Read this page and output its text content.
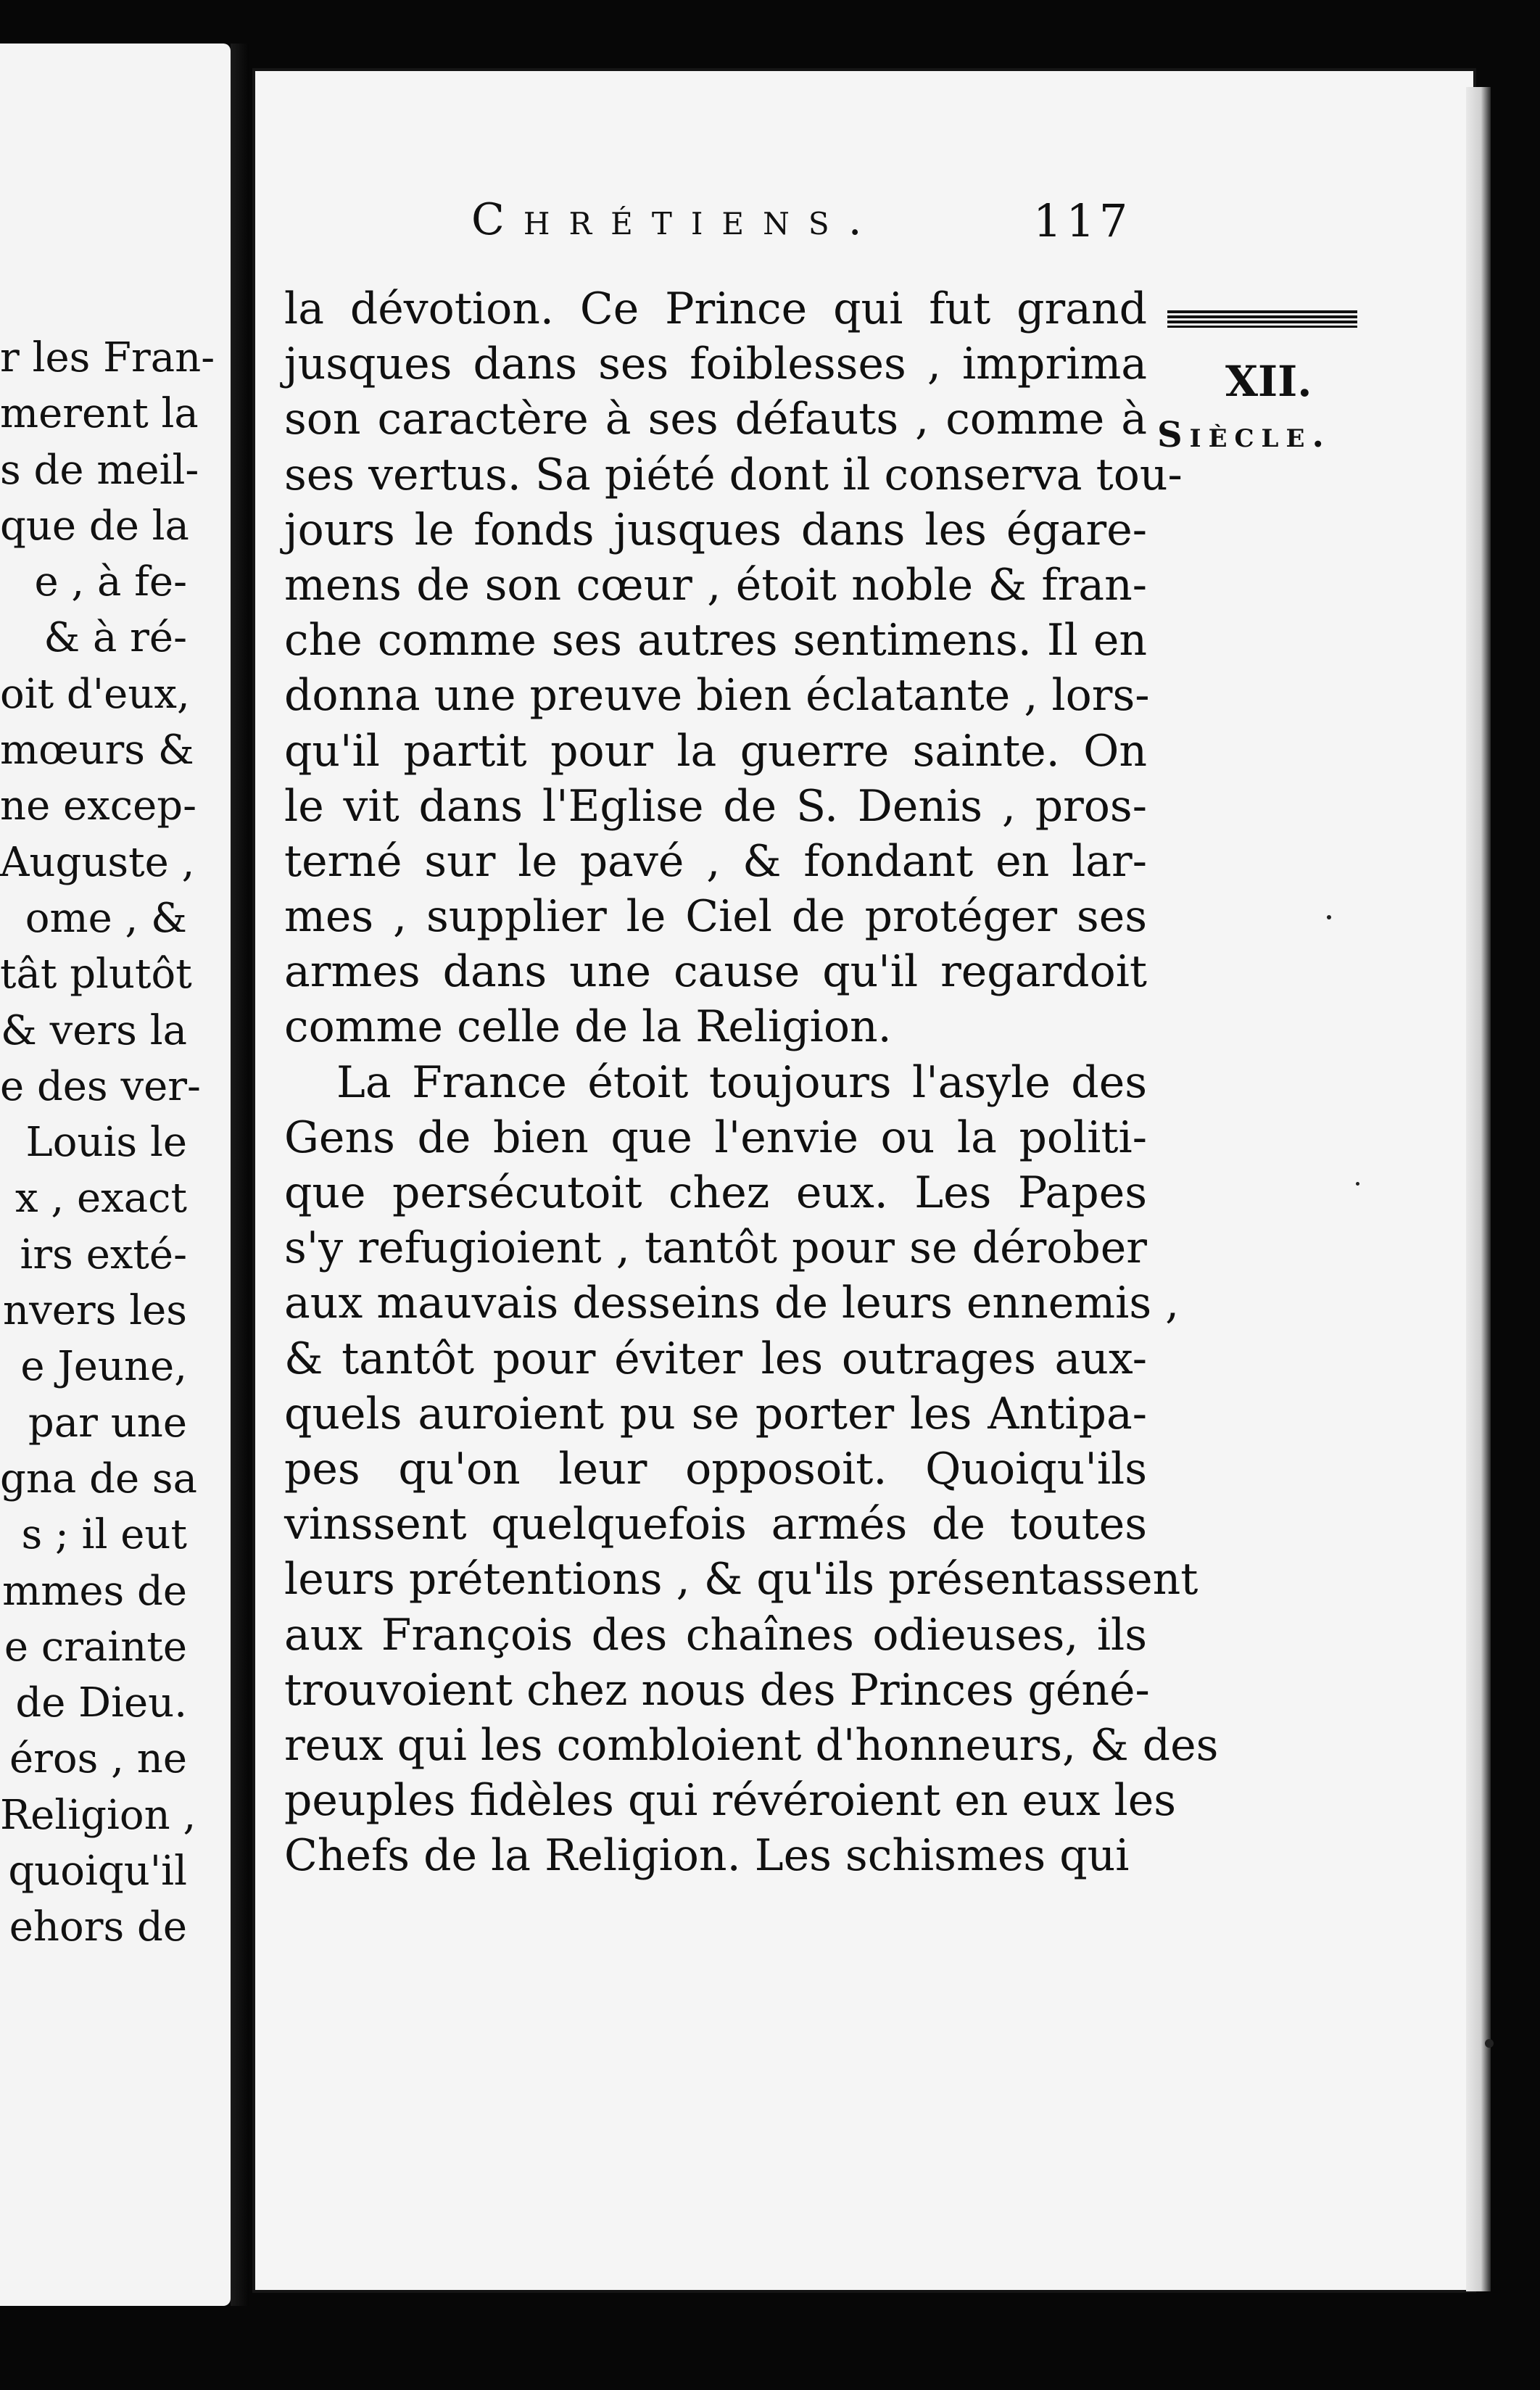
r les Fran-
merent la
s de meil-
que de la
e , à fe-
& à ré-
oit d'eux,
mœurs &
ne excep-
Auguste ,
ome , &
tât plutôt
& vers la
e des ver-
Louis le
x , exact
irs exté-
nvers les
e Jeune,
par une
gna de sa
s ; il eut
mmes de
e crainte
de Dieu.
éros , ne
Religion ,
quoiqu'il
ehors de
Chrétiens.	117
la dévotion. Ce Prince qui fut grand
jusques dans ses foiblesses , imprima
son caractère à ses défauts , comme à
ses vertus. Sa piété dont il conserva tou-
jours le fonds jusques dans les égare-
mens de son cœur , étoit noble & fran-
che comme ses autres sentimens. Il en
donna une preuve bien éclatante , lors-
qu'il partit pour la guerre sainte. On
le vit dans l'Eglise de S. Denis , pros-
terné sur le pavé , & fondant en lar-
mes , supplier le Ciel de protéger ses
armes dans une cause qu'il regardoit
comme celle de la Religion.
La France étoit toujours l'asyle des
Gens de bien que l'envie ou la politi-
que persécutoit chez eux. Les Papes
s'y refugioient , tantôt pour se dérober
aux mauvais desseins de leurs ennemis ,
& tantôt pour éviter les outrages aux-
quels auroient pu se porter les Antipa-
pes qu'on leur opposoit. Quoiqu'ils
vinssent quelquefois armés de toutes
leurs prétentions , & qu'ils présentassent
aux François des chaînes odieuses, ils
trouvoient chez nous des Princes géné-
reux qui les combloient d'honneurs, & des
peuples fidèles qui révéroient en eux les
Chefs de la Religion. Les schismes qui
XII.
Siècle.
